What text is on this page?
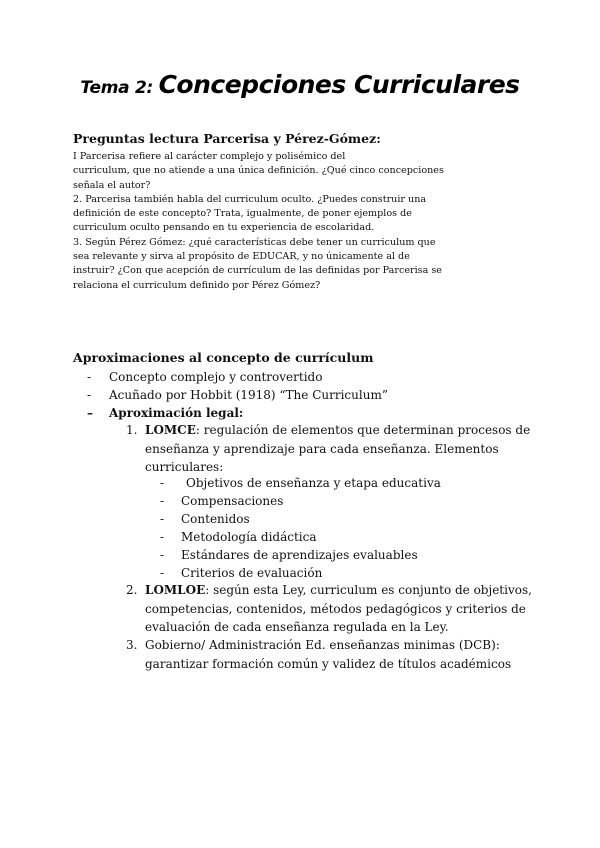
Tema 2: Concepciones Curriculares
Preguntas lectura Parcerisa y Pérez-Gómez:
I Parcerisa refiere al carácter complejo y polisémico del
curriculum, que no atiende a una única definición. ¿Qué cinco concepciones
señala el autor?
2. Parcerisa también habla del curriculum oculto. ¿Puedes construir una
definición de este concepto? Trata, igualmente, de poner ejemplos de
curriculum oculto pensando en tu experiencia de escolaridad.
3. Según Pérez Gómez: ¿qué características debe tener un curriculum que
sea relevante y sirva al propósito de EDUCAR, y no únicamente al de
instruir? ¿Con que acepción de currículum de las definidas por Parcerisa se
relaciona el curriculum definido por Pérez Gómez?
Aproximaciones al concepto de currículum
- Concepto complejo y controvertido
- Acuñado por Hobbit (1918) “The Curriculum”
– Aproximación legal:
1. LOMCE: regulación de elementos que determinan procesos de
enseñanza y aprendizaje para cada enseñanza. Elementos
curriculares:
- Objetivos de enseñanza y etapa educativa
- Compensaciones
- Contenidos
- Metodología didáctica
- Estándares de aprendizajes evaluables
- Criterios de evaluación
2. LOMLOE: según esta Ley, curriculum es conjunto de objetivos,
competencias, contenidos, métodos pedagógicos y criterios de
evaluación de cada enseñanza regulada en la Ley.
3. Gobierno/ Administración Ed. enseñanzas minimas (DCB):
garantizar formación común y validez de títulos académicos
